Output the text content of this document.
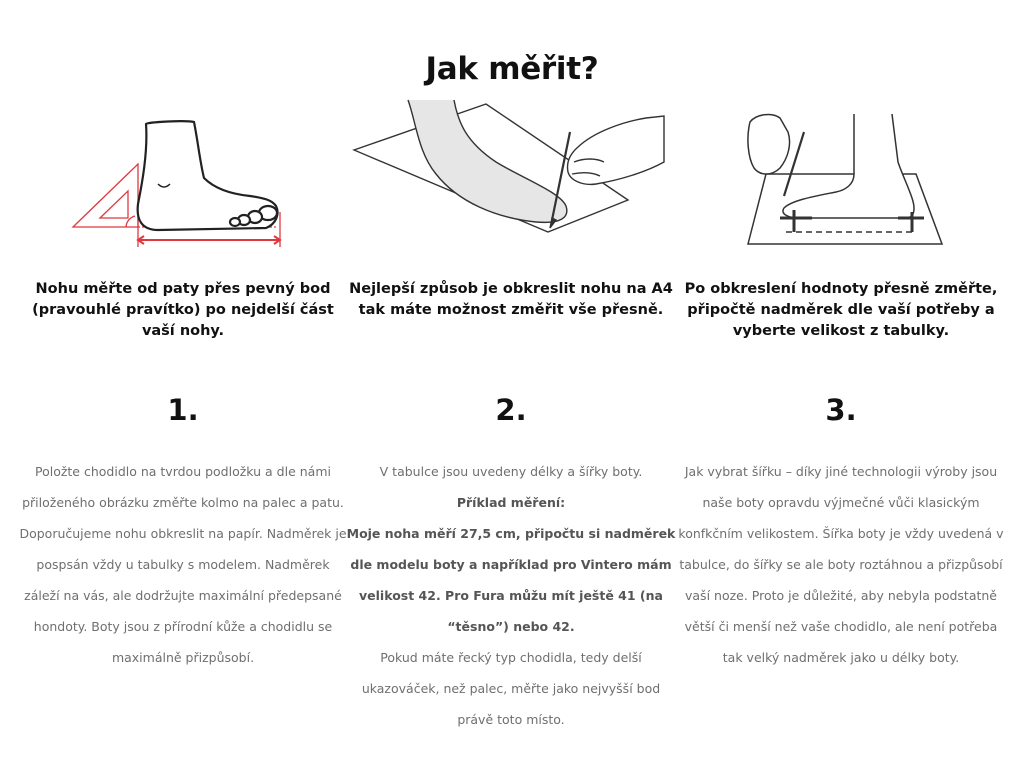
Jak měřit?
Nohu měřte od paty přes pevný bod (pravouhlé pravítko) po nejdelší část vaší nohy.
1.
Položte chodidlo na tvrdou podložku a dle námi přiloženého obrázku změřte kolmo na palec a patu. Doporučujeme nohu obkreslit na papír. Nadměrek je pospsán vždy u tabulky s modelem. Nadměrek záleží na vás, ale dodržujte maximální předepsané hondoty. Boty jsou z přírodní kůže a chodidlu se maximálně přizpůsobí.
Nejlepší způsob je obkreslit nohu na A4 tak máte možnost změřit vše přesně.
2.

V tabulce jsou uvedeny délky a šířky boty.

Příklad měření:

Moje noha měří 27,5 cm, připočtu si nadměrek dle modelu boty a například pro Vintero mám velikost 42. Pro Fura můžu mít ještě 41 (na “těsno”) nebo 42.

Pokud máte řecký typ chodidla, tedy delší ukazováček, než palec, měřte jako nejvyšší bod právě toto místo.

Po obkreslení hodnoty přesně změřte, připočtě nadměrek dle vaší potřeby a vyberte velikost z tabulky.
3.
Jak vybrat šířku – díky jiné technologii výroby jsou naše boty opravdu výjmečné vůči klasickým konfkčním velikostem. Šířka boty je vždy uvedená v tabulce, do šířky se ale boty roztáhnou a přizpůsobí vaší noze. Proto je důležité, aby nebyla podstatně větší či menší než vaše chodidlo, ale není potřeba tak velký nadměrek jako u délky boty.
